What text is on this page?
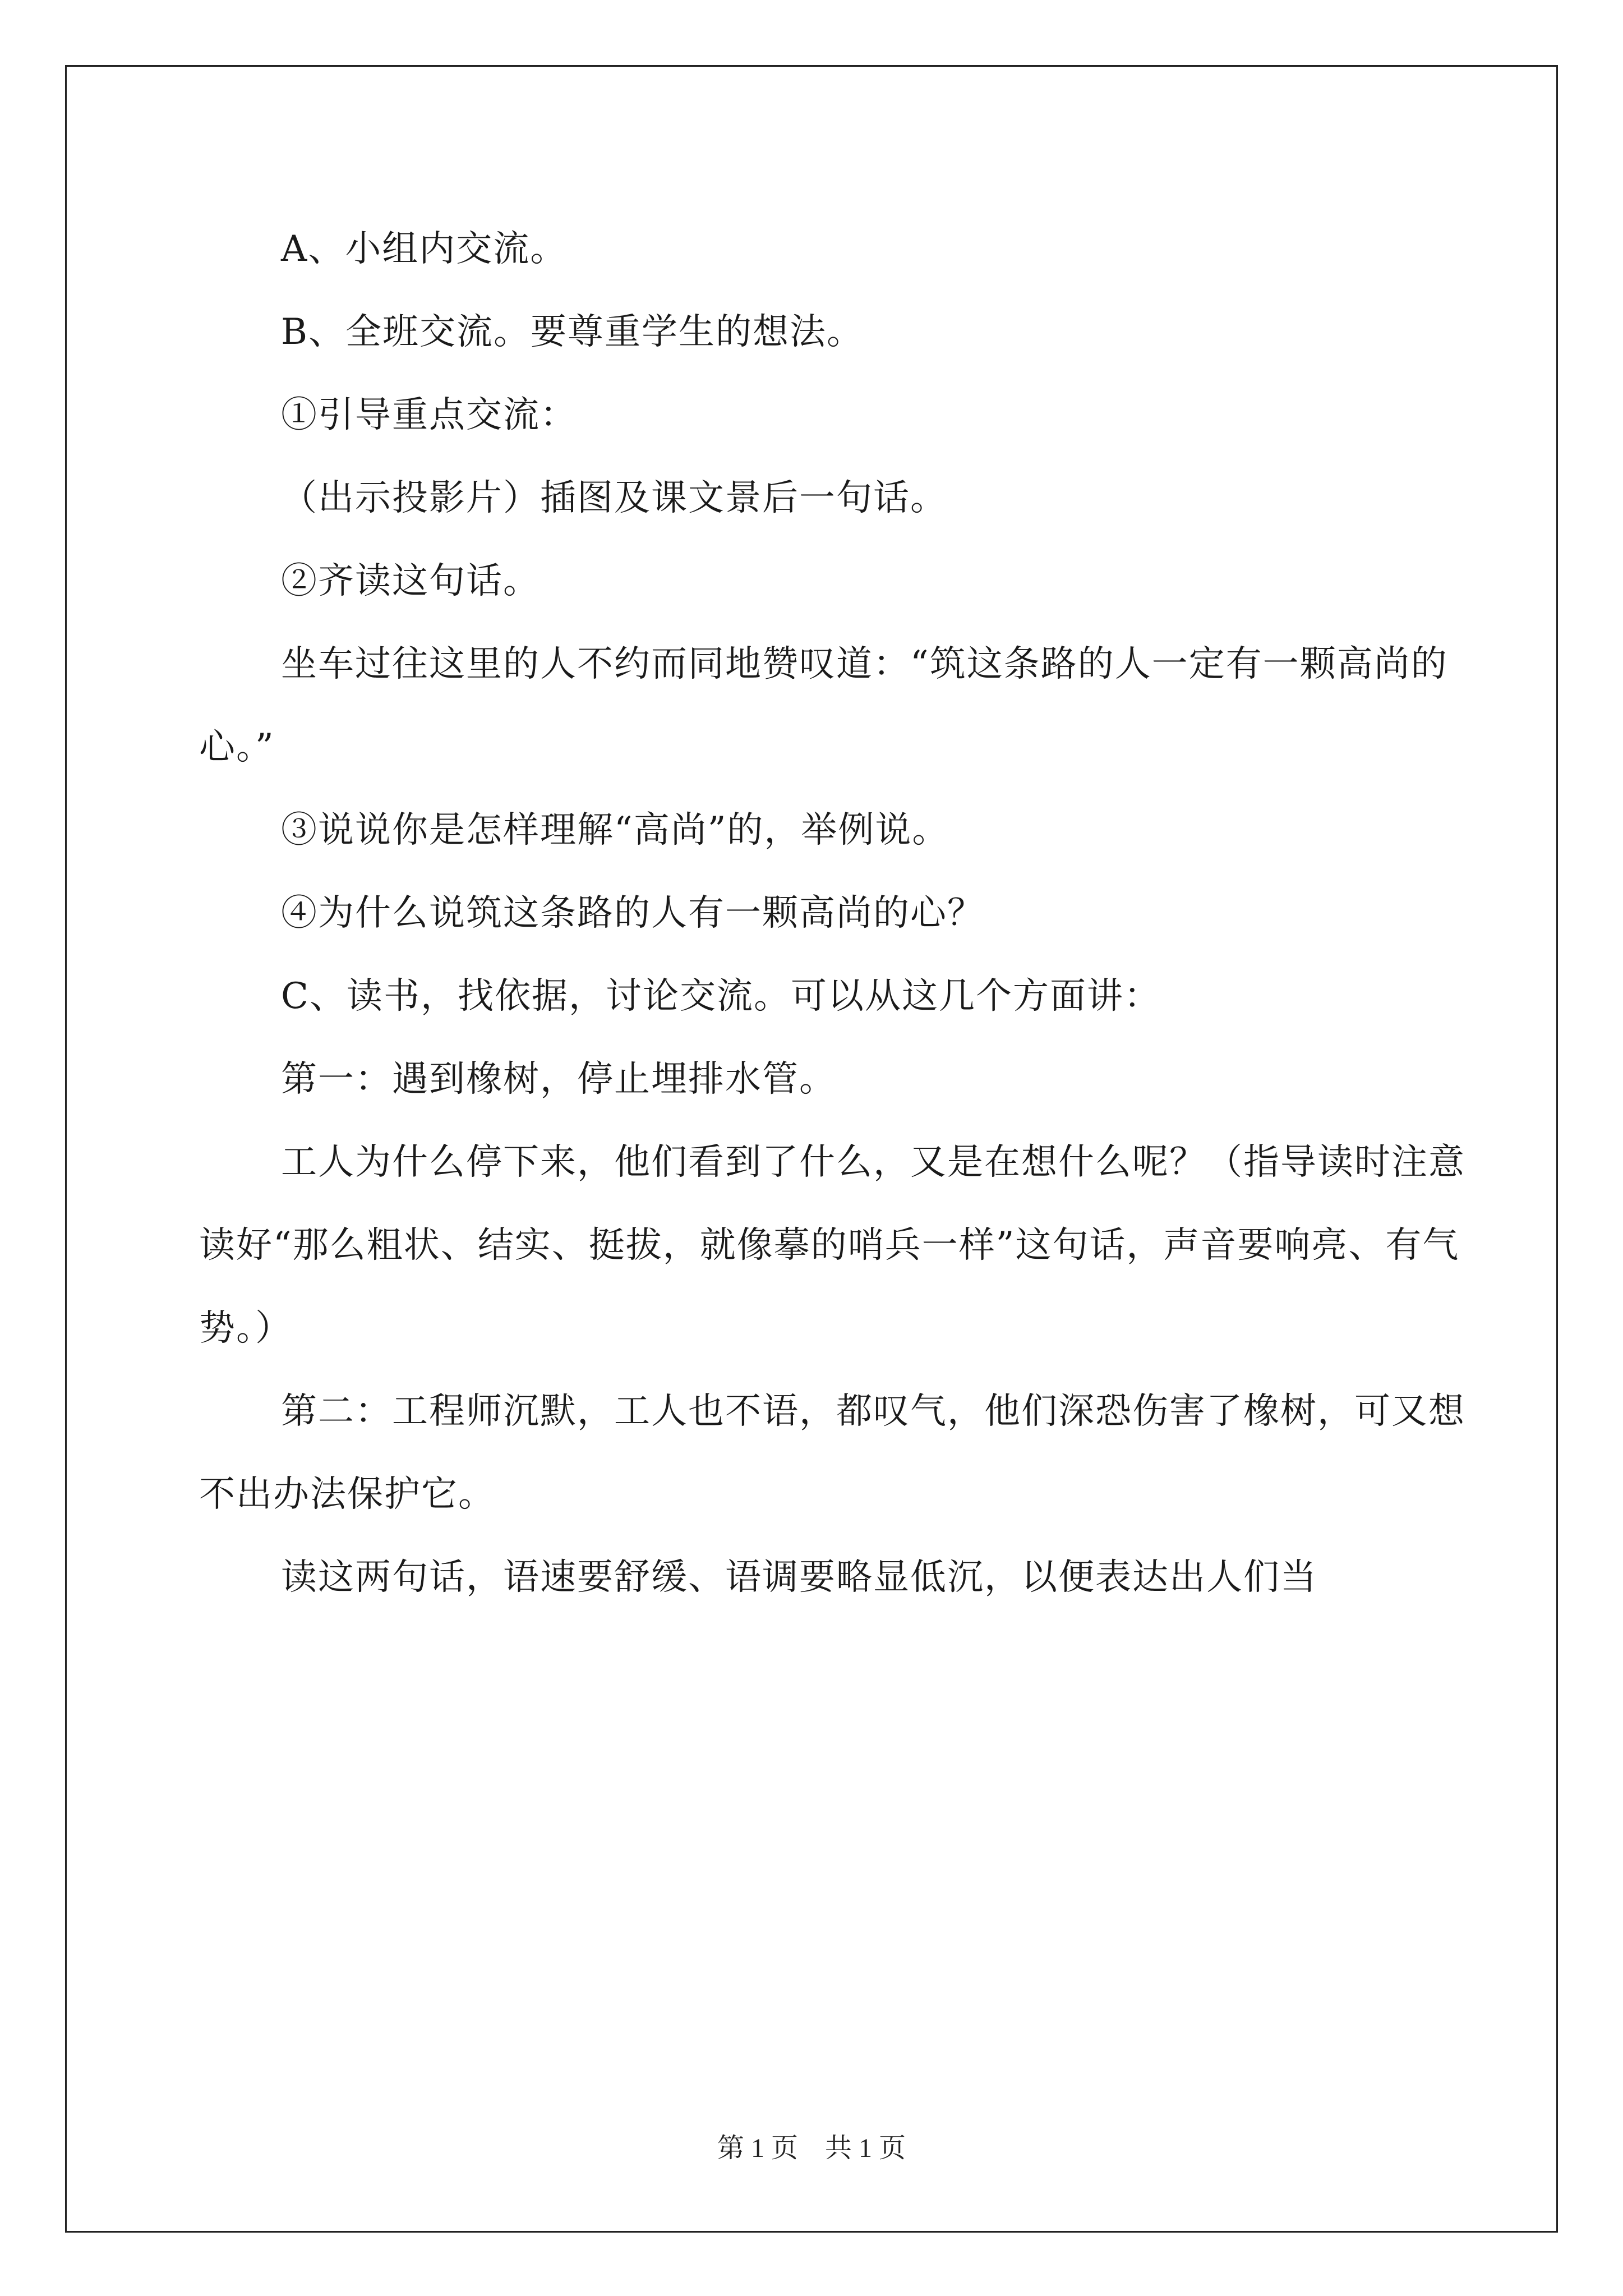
A、小组内交流。

B、全班交流。要尊重学生的想法。

①引导重点交流：

（出示投影片）插图及课文景后一句话。

②齐读这句话。

坐车过往这里的人不约而同地赞叹道：“筑这条路的人一定有一颗高尚的心。”

③说说你是怎样理解“高尚”的，举例说。

④为什么说筑这条路的人有一颗高尚的心？

C、读书，找依据，讨论交流。可以从这几个方面讲：

第一：遇到橡树，停止埋排水管。

工人为什么停下来，他们看到了什么，又是在想什么呢？（指导读时注意读好“那么粗状、结实、挺拔，就像摹的哨兵一样”这句话，声音要响亮、有气势。）

第二：工程师沉默，工人也不语，都叹气，他们深恐伤害了橡树，可又想不出办法保护它。

读这两句话，语速要舒缓、语调要略显低沉，以便表达出人们当

第 1 页　共 1 页
